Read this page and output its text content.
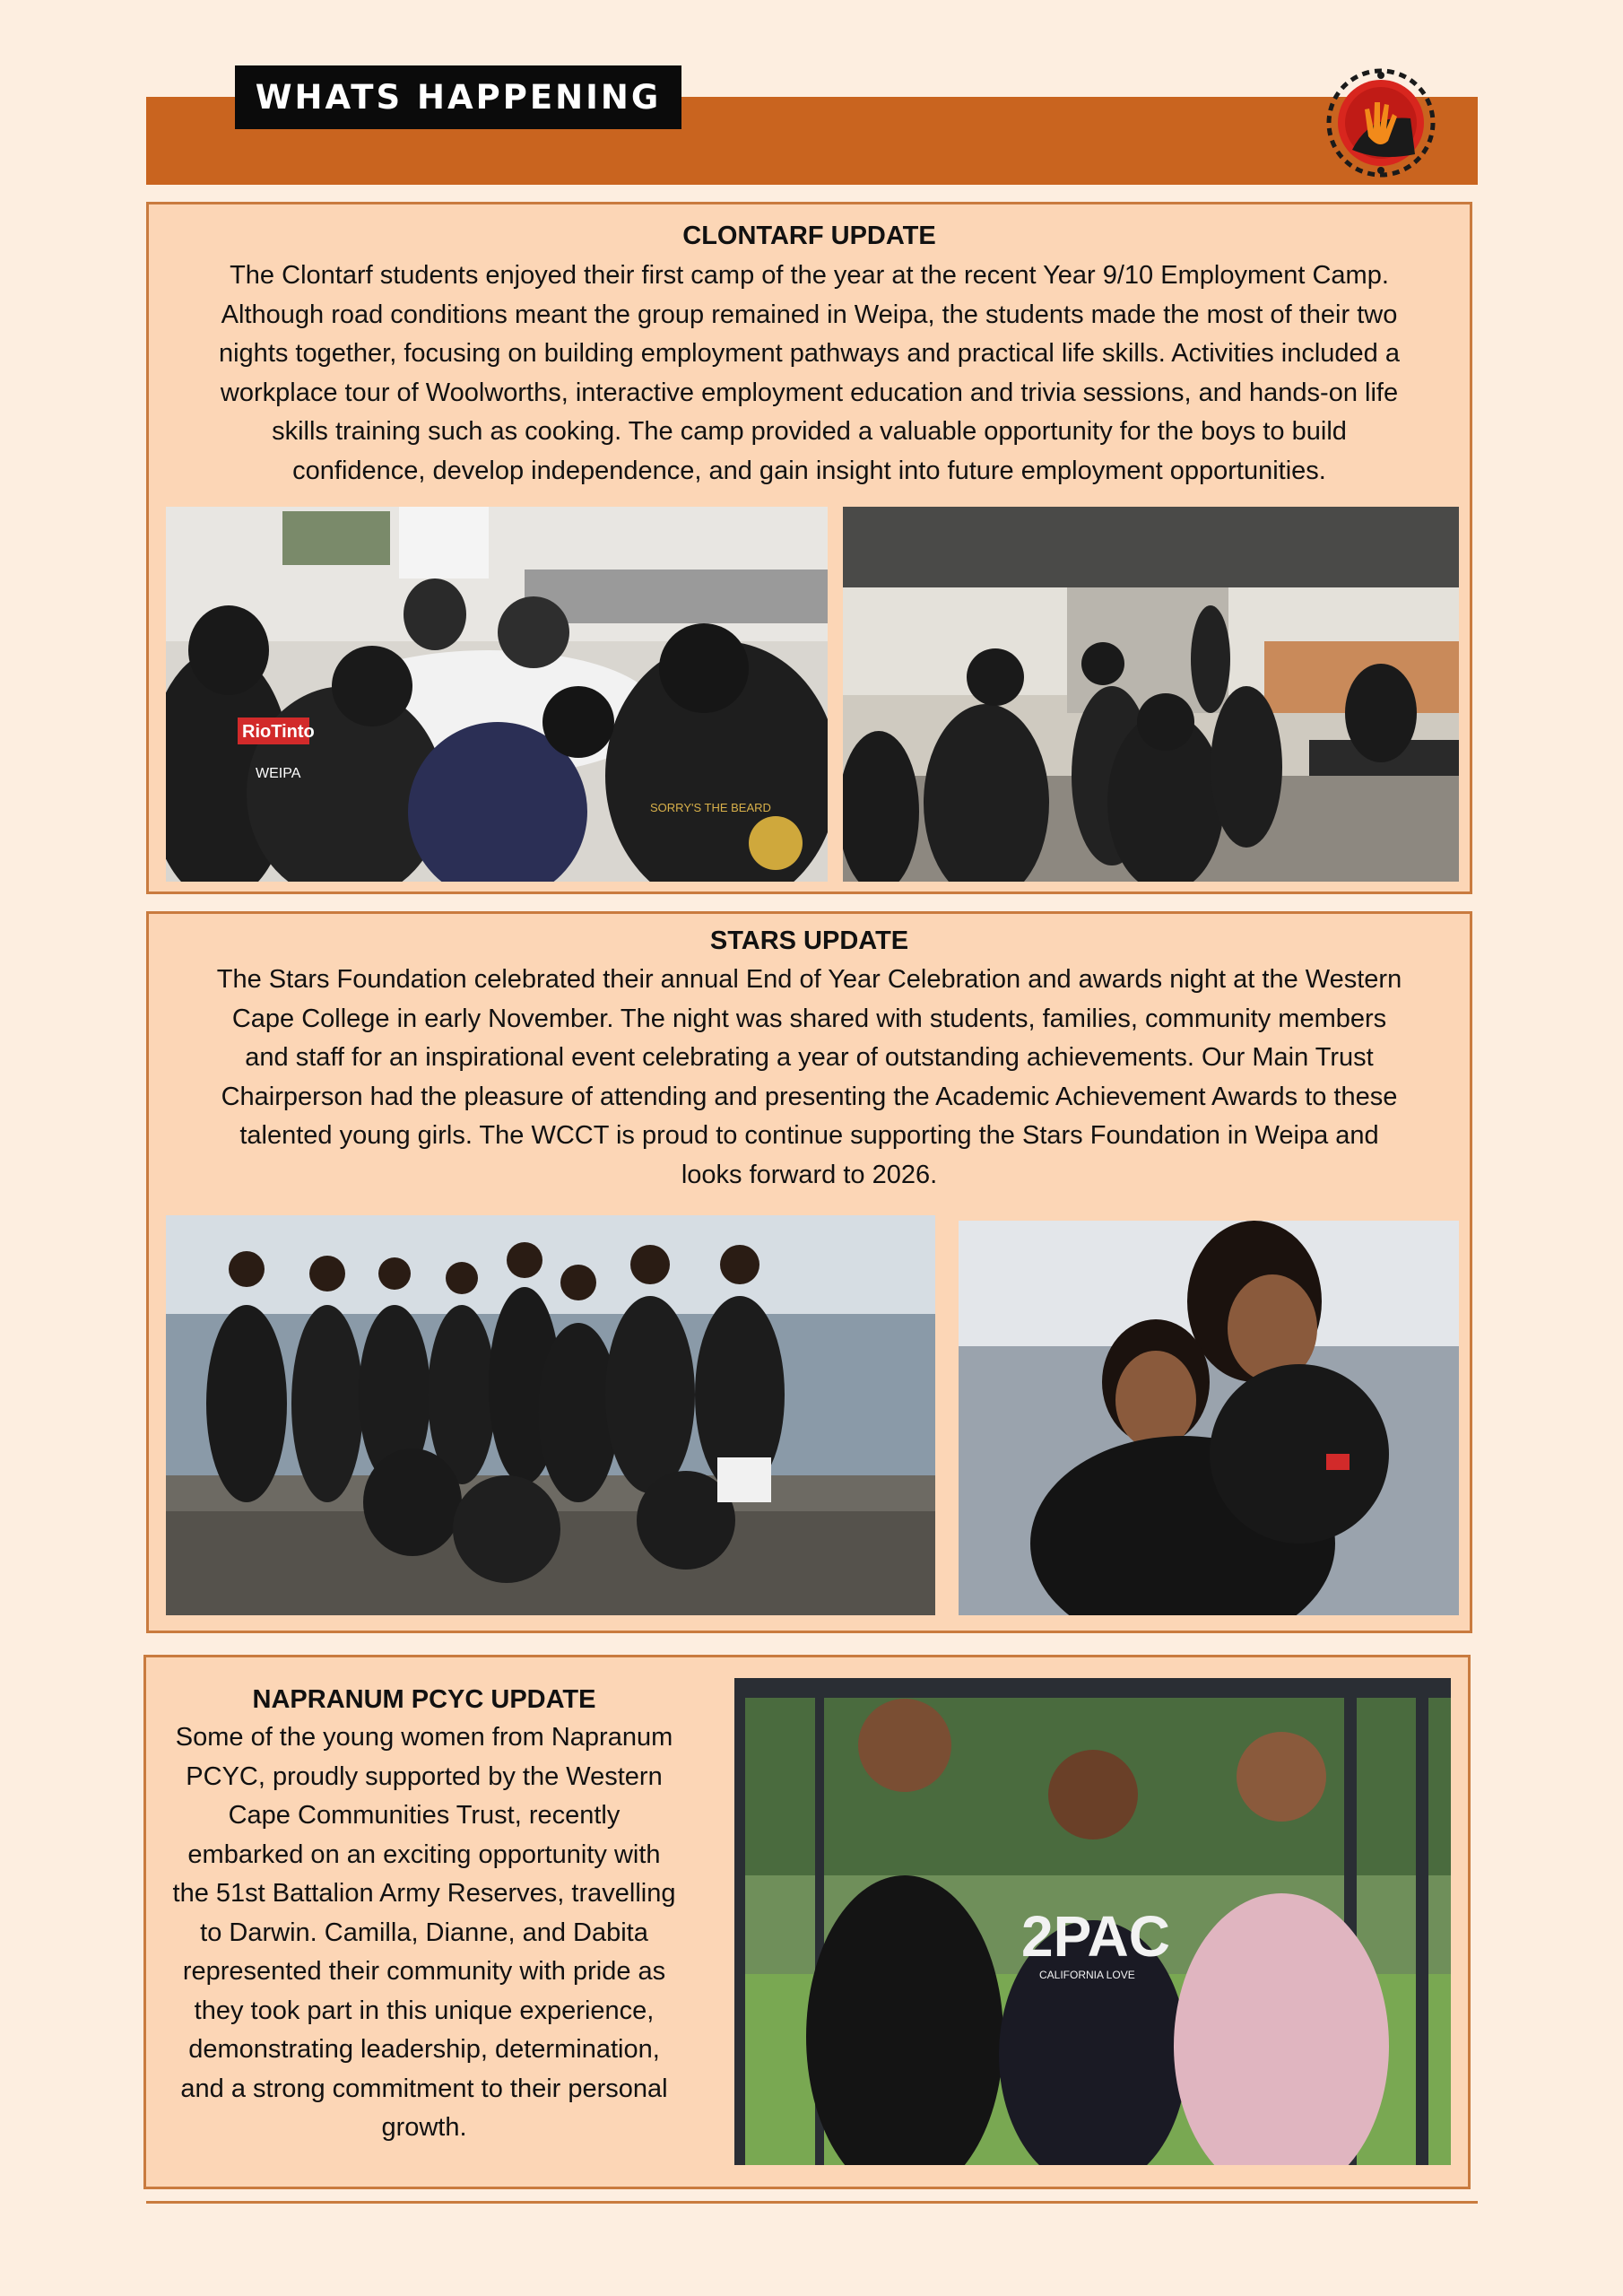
WHATS HAPPENING
CLONTARF UPDATE
The Clontarf students enjoyed their first camp of the year at the recent Year 9/10 Employment Camp.
Although road conditions meant the group remained in Weipa, the students made the most of their two
nights together, focusing on building employment pathways and practical life skills. Activities included a
workplace tour of Woolworths, interactive employment education and trivia sessions, and hands-on life
skills training such as cooking. The camp provided a valuable opportunity for the boys to build
confidence, develop independence, and gain insight into future employment opportunities.
RioTinto
WEIPA
SORRY'S THE BEARD
STARS UPDATE
The Stars Foundation celebrated their annual End of Year Celebration and awards night at the Western
Cape College in early November. The night was shared with students, families, community members
and staff for an inspirational event celebrating a year of outstanding achievements. Our Main Trust
Chairperson had the pleasure of attending and presenting the Academic Achievement Awards to these
talented young girls. The WCCT is proud to continue supporting the Stars Foundation in Weipa and
looks forward to 2026.
NAPRANUM PCYC UPDATE
Some of the young women from Napranum
PCYC, proudly supported by the Western
Cape Communities Trust, recently
embarked on an exciting opportunity with
the 51st Battalion Army Reserves, travelling
to Darwin. Camilla, Dianne, and Dabita
represented their community with pride as
they took part in this unique experience,
demonstrating leadership, determination,
and a strong commitment to their personal
growth.
2PAC
CALIFORNIA LOVE
